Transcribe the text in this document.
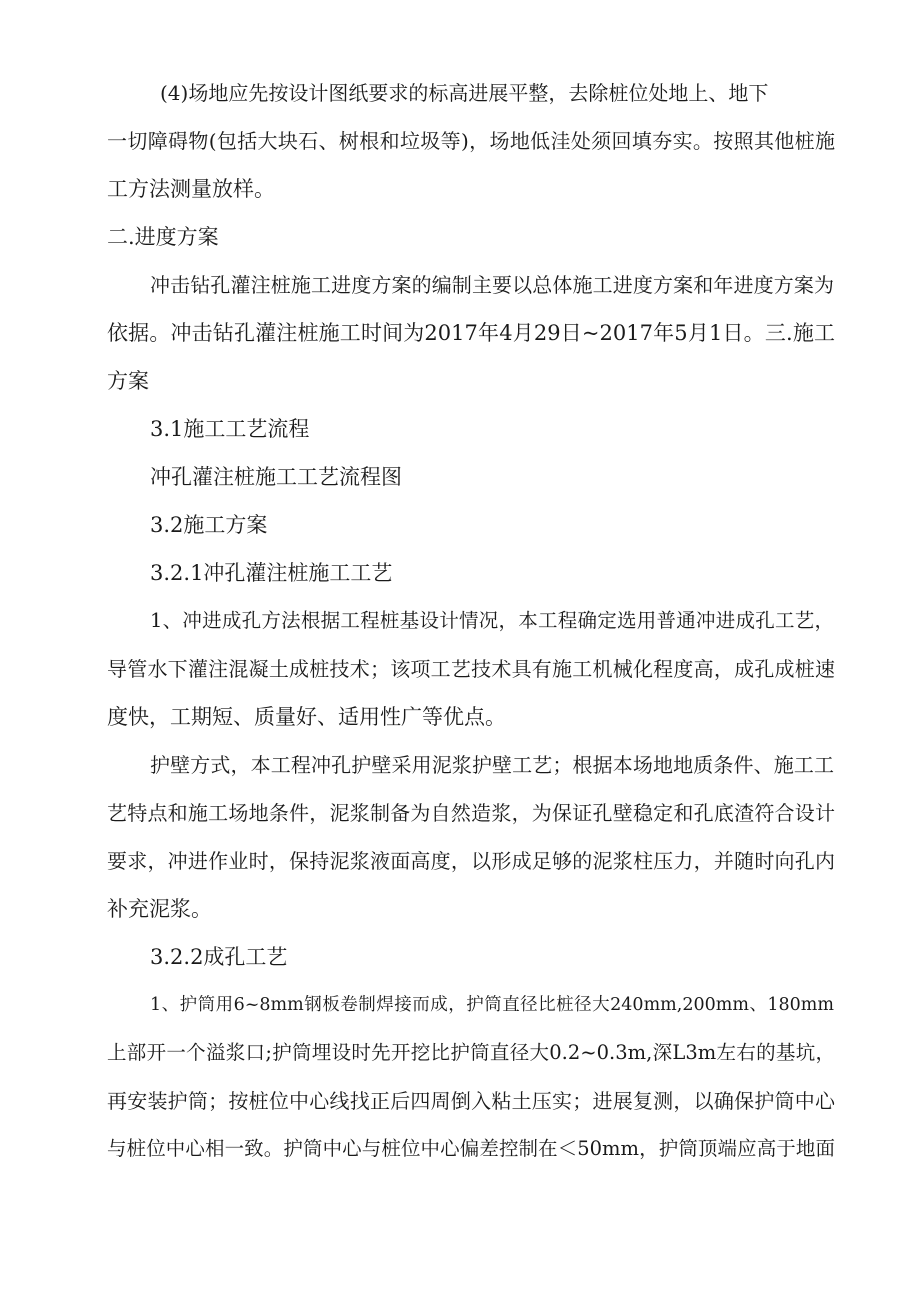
(4)场地应先按设计图纸要求的标高进展平整，去除桩位处地上、地下
一切障碍物(包括大块石、树根和垃圾等)，场地低洼处须回填夯实。按照其他桩施
工方法测量放样。
二.进度方案
冲击钻孔灌注桩施工进度方案的编制主要以总体施工进度方案和年进度方案为
依据。冲击钻孔灌注桩施工时间为2017年4月29日~2017年5月1日。三.施工
方案
3.1施工工艺流程
冲孔灌注桩施工工艺流程图
3.2施工方案
3.2.1冲孔灌注桩施工工艺
1、冲进成孔方法根据工程桩基设计情况，本工程确定选用普通冲进成孔工艺，
导管水下灌注混凝土成桩技术；该项工艺技术具有施工机械化程度高，成孔成桩速
度快，工期短、质量好、适用性广等优点。
护壁方式，本工程冲孔护壁采用泥浆护壁工艺；根据本场地地质条件、施工工
艺特点和施工场地条件，泥浆制备为自然造浆，为保证孔壁稳定和孔底渣符合设计
要求，冲进作业时，保持泥浆液面高度，以形成足够的泥浆柱压力，并随时向孔内
补充泥浆。
3.2.2成孔工艺
1、护筒用6~8mm钢板卷制焊接而成，护筒直径比桩径大240mm,200mm、180mm
上部开一个溢浆口;护筒埋设时先开挖比护筒直径大0.2~0.3m,深L3m左右的基坑，
再安装护筒；按桩位中心线找正后四周倒入粘土压实；进展复测，以确保护筒中心
与桩位中心相一致。护筒中心与桩位中心偏差控制在＜50mm，护筒顶端应高于地面
